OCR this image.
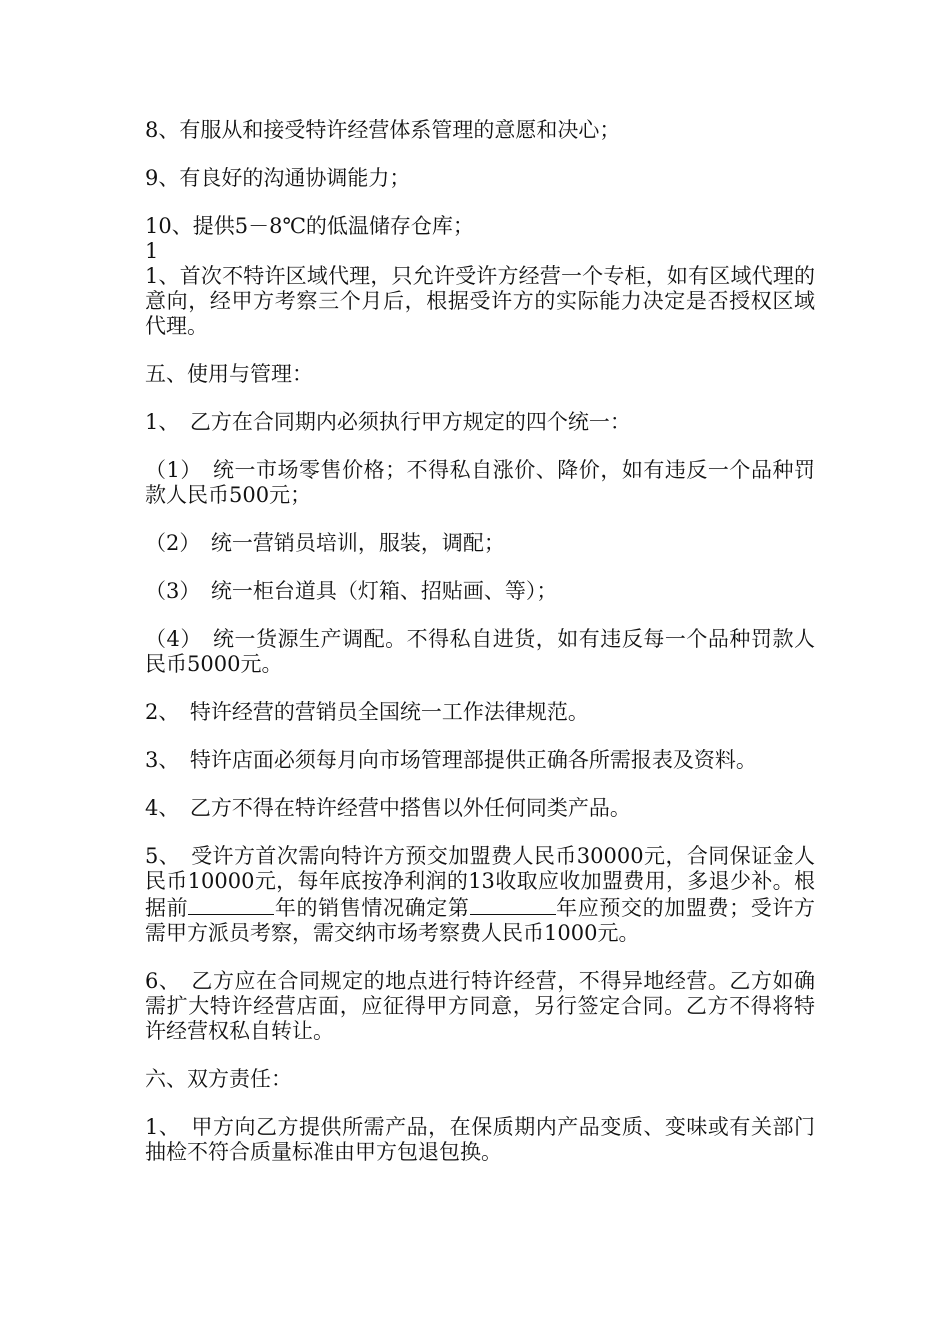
8、有服从和接受特许经营体系管理的意愿和决心；

9、有良好的沟通协调能力；

10、提供5－8℃的低温储存仓库；

1

1、首次不特许区域代理，只允许受许方经营一个专柜，如有区域代理的意向，经甲方考察三个月后，根据受许方的实际能力决定是否授权区域代理。

五、使用与管理：

1、　乙方在合同期内必须执行甲方规定的四个统一：

（1）　统一市场零售价格；不得私自涨价、降价，如有违反一个品种罚款人民币500元；

（2）　统一营销员培训，服装，调配；

（3）　统一柜台道具（灯箱、招贴画、等）；

（4）　统一货源生产调配。不得私自进货，如有违反每一个品种罚款人民币5000元。

2、　特许经营的营销员全国统一工作法律规范。

3、　特许店面必须每月向市场管理部提供正确各所需报表及资料。

4、　乙方不得在特许经营中搭售以外任何同类产品。

5、　受许方首次需向特许方预交加盟费人民币30000元，合同保证金人民币10000元，每年底按净利润的13收取应收加盟费用，多退少补。根据前	年的销售情况确定第	年应预交的加盟费；受许方需甲方派员考察，需交纳市场考察费人民币1000元。

6、　乙方应在合同规定的地点进行特许经营，不得异地经营。乙方如确需扩大特许经营店面，应征得甲方同意，另行签定合同。乙方不得将特许经营权私自转让。

六、双方责任：

1、　甲方向乙方提供所需产品，在保质期内产品变质、变味或有关部门抽检不符合质量标准由甲方包退包换。
